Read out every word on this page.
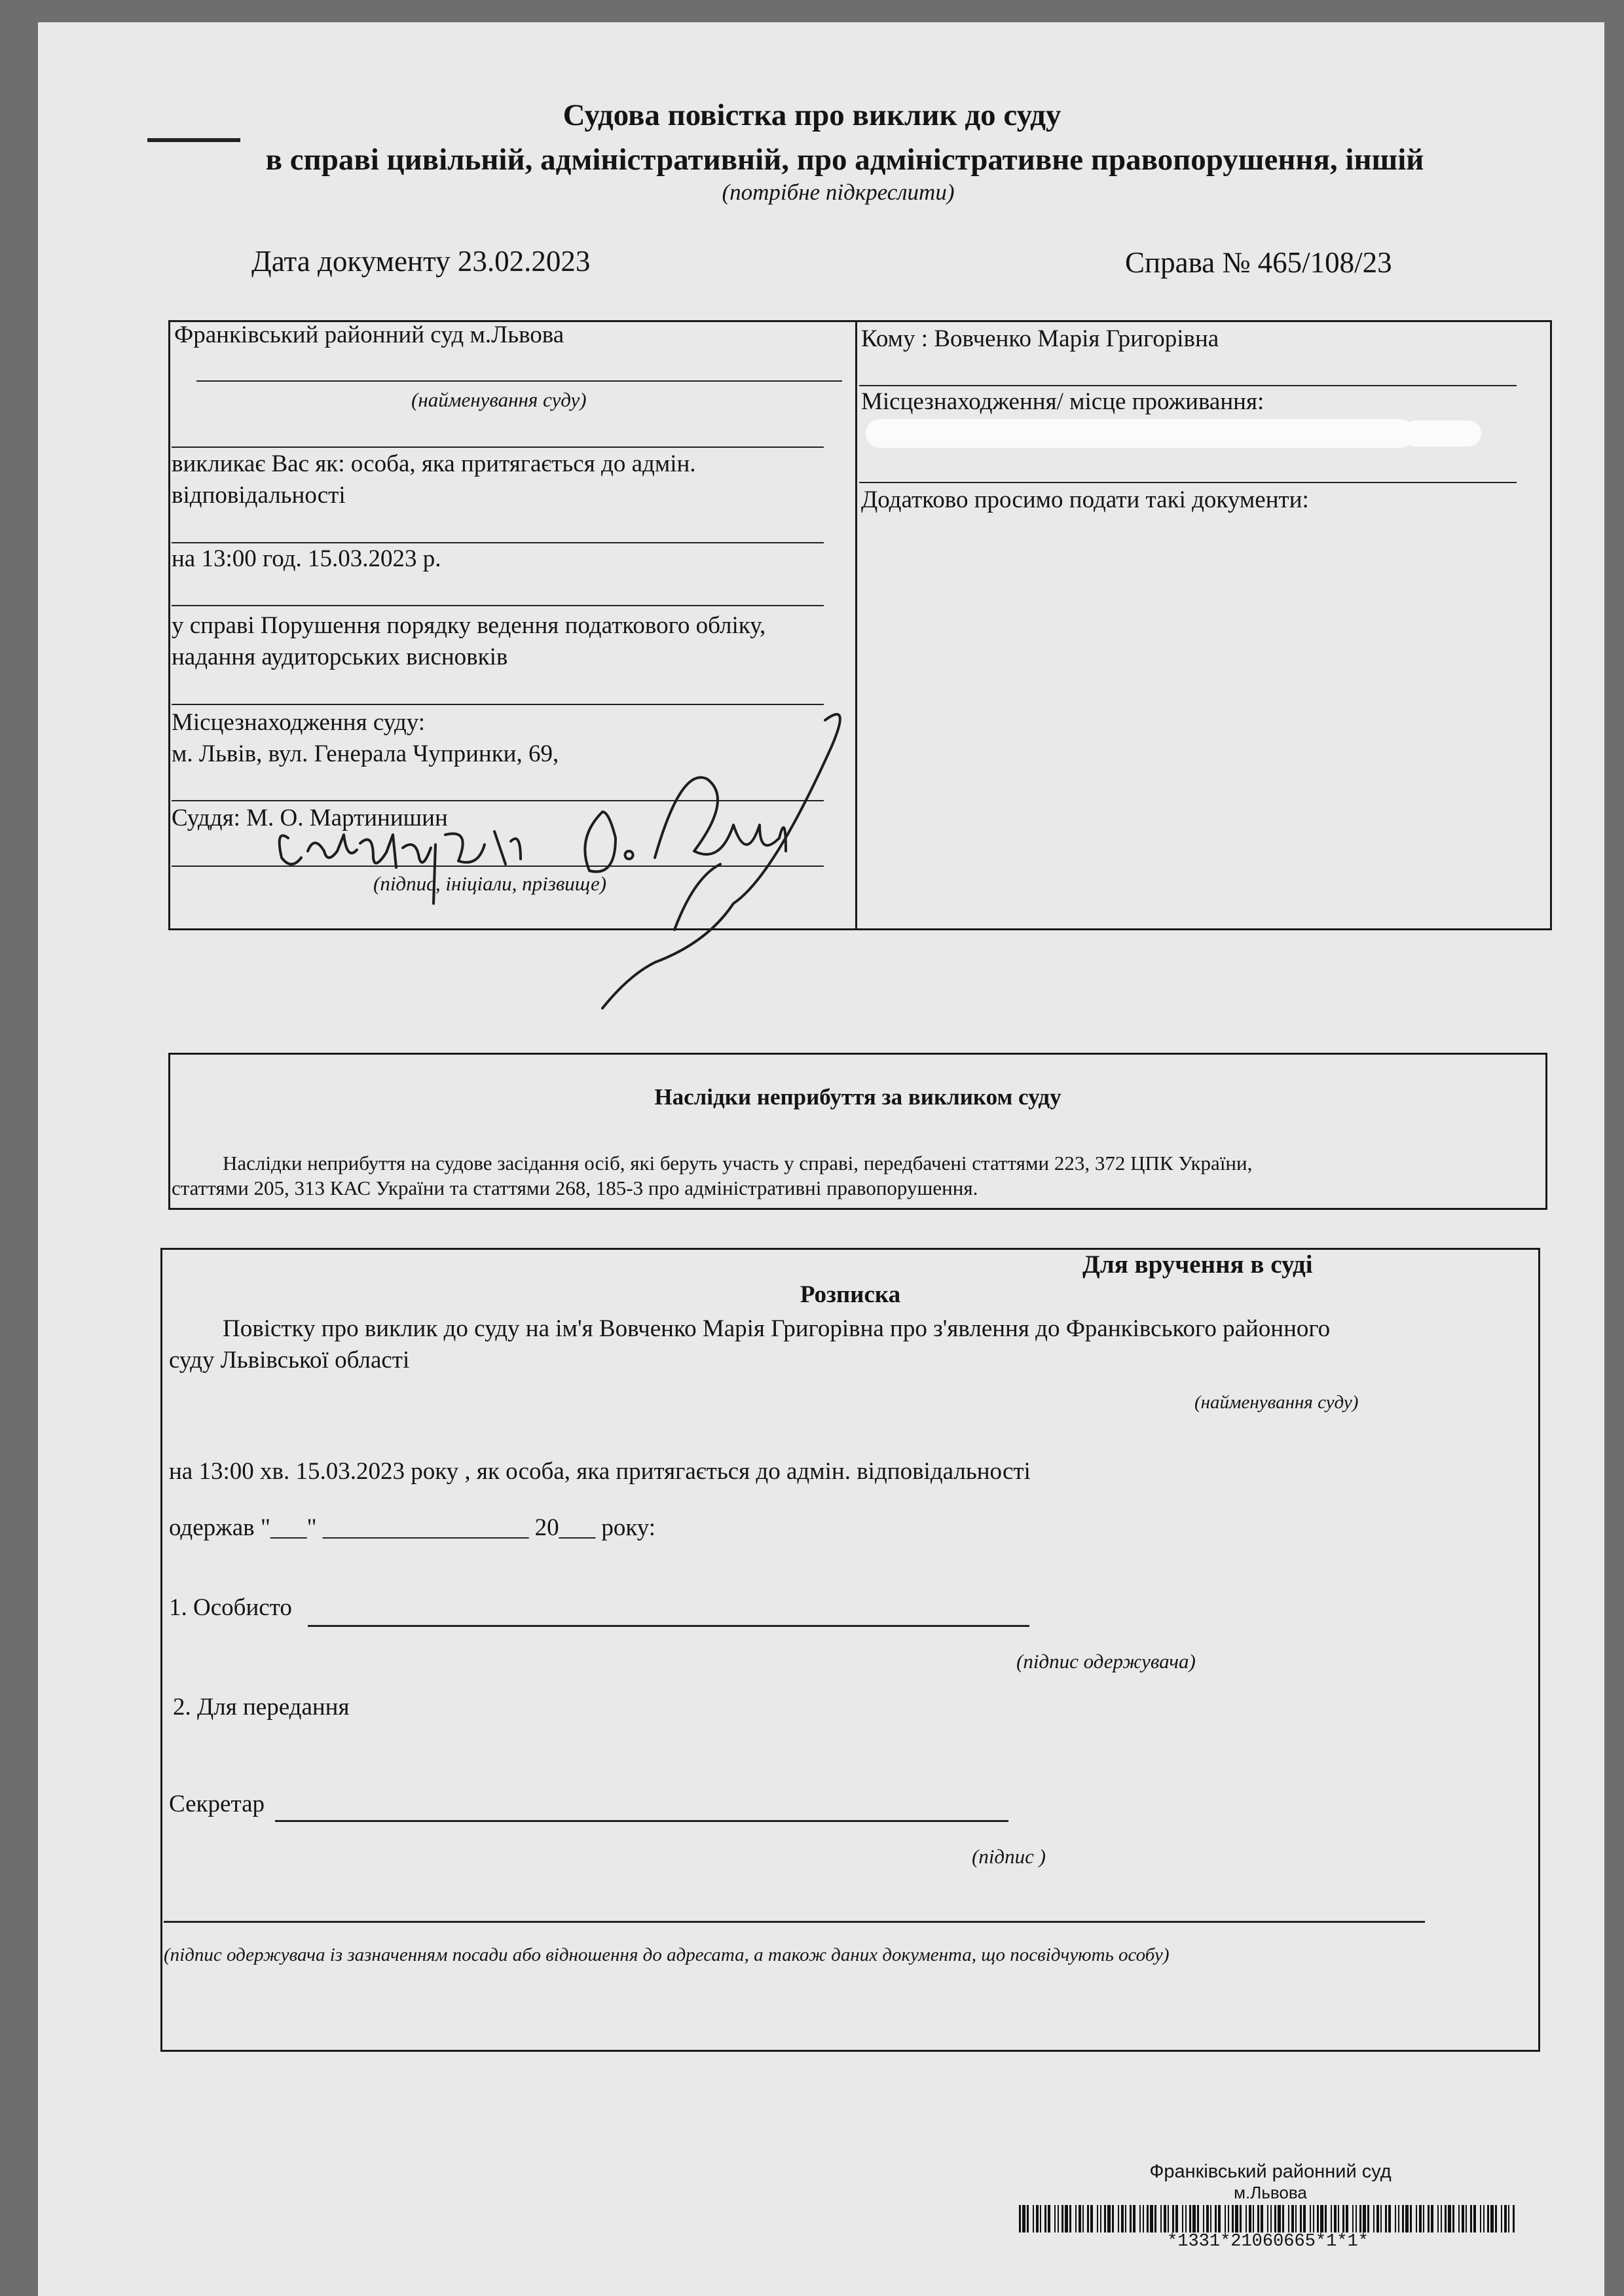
Судова повістка про виклик до суду
в справі цивільній, адміністративній, про адміністративне правопорушення, іншій
(потрібне підкреслити)
Дата документу 23.02.2023	Справа № 465/108/23
Франківський районний суд м.Львова
(найменування суду)
викликає Вас як: особа, яка притягається до адмін.
відповідальності
на 13:00 год. 15.03.2023 р.
у справі Порушення порядку ведення податкового обліку,
надання аудиторських висновків
Місцезнаходження суду:
м. Львів, вул. Генерала Чупринки, 69,
Суддя: М. О. Мартинишин
(підпис, ініціали, прізвище)
Кому : Вовченко Марія Григорівна
Місцезнаходження/ місце проживання:
Додатково просимо подати такі документи:
Наслідки неприбуття за викликом суду
Наслідки неприбуття на судове засідання осіб, які беруть участь у справі, передбачені статтями 223, 372 ЦПК України,
статтями 205, 313 КАС України та статтями 268, 185-3 про адміністративні правопорушення.
Для вручення в суді
Розписка
Повістку про виклик до суду на ім'я Вовченко Марія Григорівна про з'явлення до Франківського районного
суду Львівської області
(найменування суду)
на 13:00 хв. 15.03.2023 року , як особа, яка притягається до адмін. відповідальності
одержав "___" _________________ 20___ року:
1. Особисто
(підпис одержувача)
2. Для передання
Секретар
(підпис )
(підпис одержувача із зазначенням посади або відношення до адресата, а також даних документа, що посвідчують особу)
Франківський районний суд
м.Львова
*1331*21060665*1*1*
